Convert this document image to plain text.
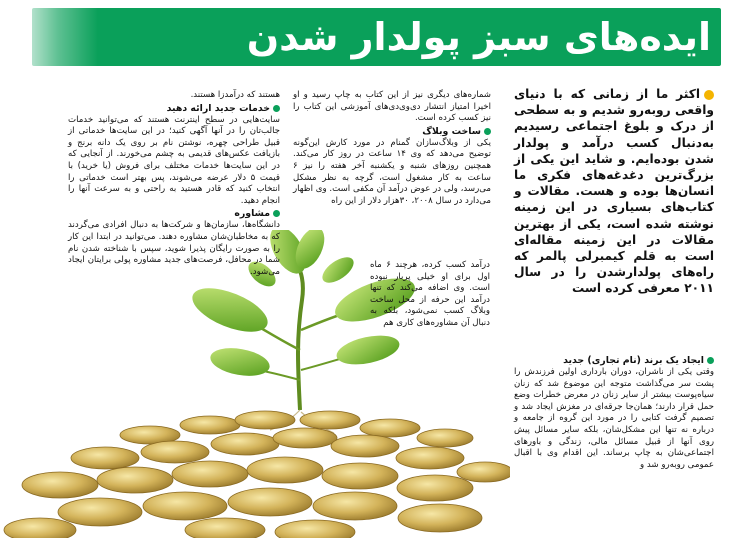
ایده‌های سبز پولدار شدن
اکثر ما از زمانی که با دنیای واقعی روبه‌رو شدیم و به سطحی از درک و بلوغ اجتماعی رسیدیم به‌دنبال کسب درآمد و پولدار شدن بوده‌ایم. و شاید این یکی از بزرگ‌ترین دغدغه‌های فکری ما انسان‌ها بوده و هست. مقالات و کتاب‌های بسیاری در این زمینه نوشته شده است، یکی از بهترین مقالات در این زمینه مقاله‌ای است به قلم کیمبرلی پالمر که راه‌های پولدارشدن را در سال ۲۰۱۱ معرفی کرده است
ایجاد یک برند (نام تجاری) جدید

وقتی یکی از ناشران، دوران بارداری اولین فرزندش را پشت سر می‌گذاشت متوجه این موضوع شد که زنان سیاه‌پوست بیشتر از سایر زنان در معرض خطرات وضع حمل قرار دارند؛ همان‌جا جرقه‌ای در مغزش ایجاد شد و تصمیم گرفت کتابی را در مورد این گروه از جامعه و درباره نه تنها این مشکل‌شان، بلکه سایر مسائل پیش روی آنها از قبیل مسائل مالی، زندگی و باورهای اجتماعی‌شان به چاپ برساند. این اقدام وی با اقبال عمومی روبه‌رو شد و

شماره‌های دیگری نیز از این کتاب به چاپ رسید و او اخیرا امتیاز انتشار دی‌وی‌دی‌های آموزشی این کتاب را نیز کسب کرده است.

ساخت وبلاگ

یکی از وبلاگ‌سازان گمنام در مورد کارش این‌گونه توضیح می‌دهد که وی ۱۴ ساعت در روز کار می‌کند. همچنین روزهای شنبه و یکشنبه آخر هفته را نیز ۶ ساعت به کار مشغول است، گرچه به نظر مشکل می‌رسد، ولی در عوض درآمد آن مکفی است. وی اظهار می‌دارد در سال ۲۰۰۸، ۳۰هزار دلار از این راه

درآمد کسب کرده، هرچند ۶ ماه اول برای او خیلی پربار نبوده است. وی اضافه می‌کند که تنها درآمد این حرفه از محل ساخت وبلاگ کسب نمی‌شود، بلکه به دنبال آن مشاوره‌های کاری هم

هستند که درآمدزا هستند.

خدمات جدید ارائه دهید

سایت‌هایی در سطح اینترنت هستند که می‌توانید خدمات جالب‌تان را در آنها آگهی کنید؛ در این سایت‌ها خدماتی از قبیل طراحی چهره، نوشتن نام بر روی یک دانه برنج و بازیافت عکس‌های قدیمی به چشم می‌خورند. از آنجایی که در این سایت‌ها خدمات مختلف برای فروش (یا خرید) با قیمت ۵ دلار عرضه می‌شوند، پس بهتر است خدماتی را انتخاب کنید که قادر هستید به راحتی و به سرعت آنها را انجام دهید.

مشاوره

دانشگاه‌ها، سازمان‌ها و شرکت‌ها به دنبال افرادی می‌گردند که به مخاطبان‌شان مشاوره دهند. می‌توانید در ابتدا این کار را به صورت رایگان پذیرا شوید، سپس با شناخته شدن نام شما در محافل، فرصت‌های جدید مشاوره پولی برایتان ایجاد می‌شود.
